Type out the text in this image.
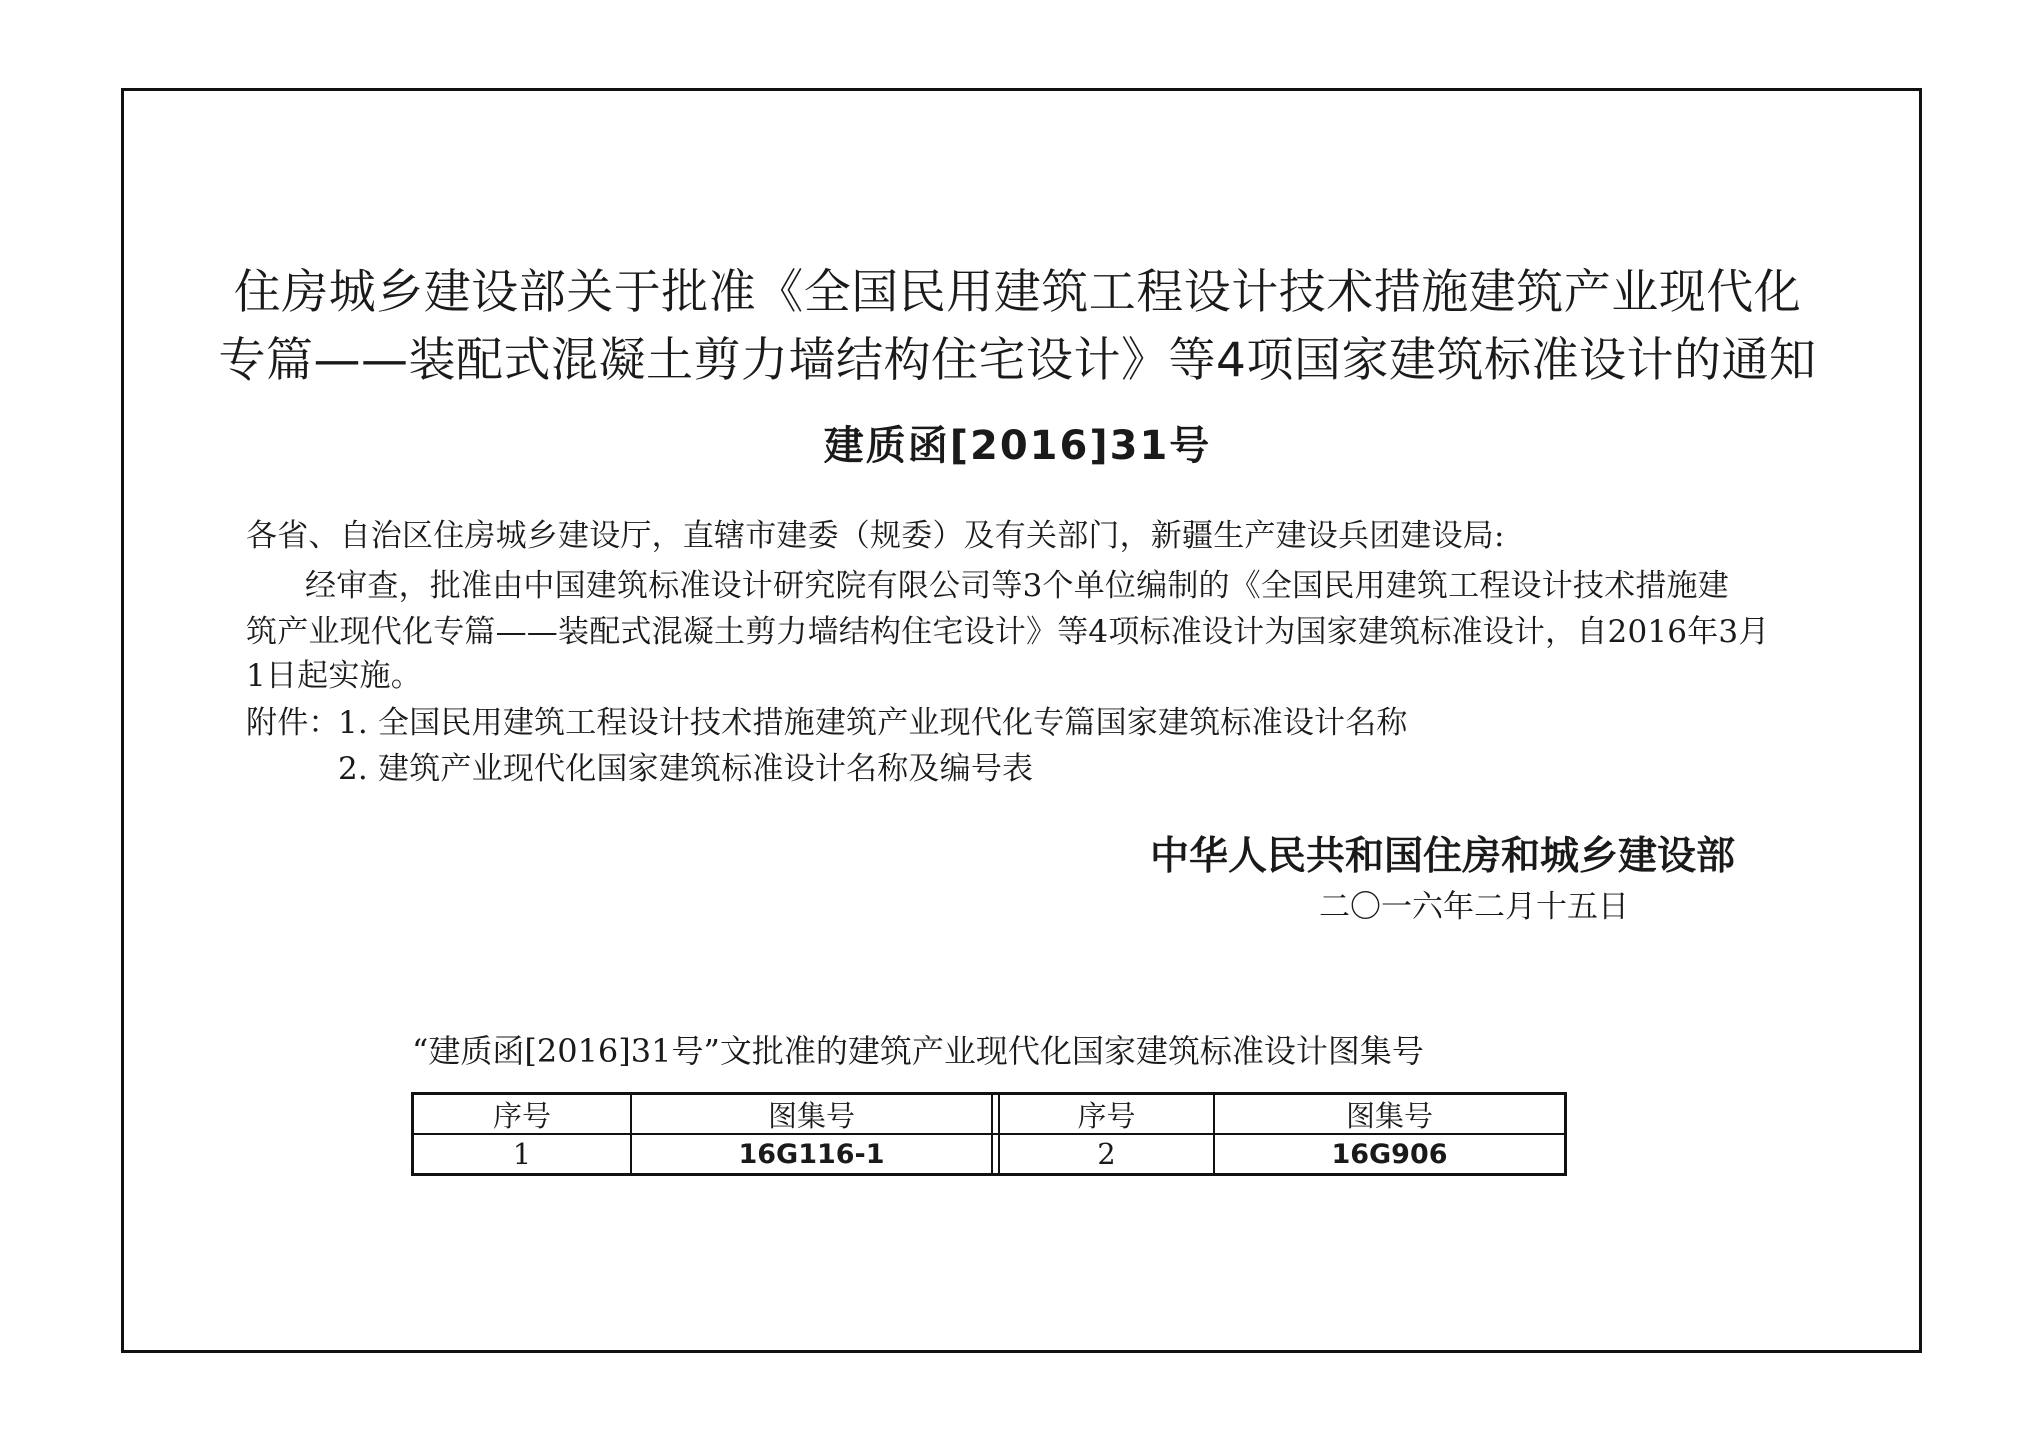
住房城乡建设部关于批准《全国民用建筑工程设计技术措施建筑产业现代化
专篇——装配式混凝土剪力墙结构住宅设计》等4项国家建筑标准设计的通知
建质函[2016]31号
各省、自治区住房城乡建设厅，直辖市建委（规委）及有关部门，新疆生产建设兵团建设局:
经审查，批准由中国建筑标准设计研究院有限公司等3个单位编制的《全国民用建筑工程设计技术措施建
筑产业现代化专篇——装配式混凝土剪力墙结构住宅设计》等4项标准设计为国家建筑标准设计，自2016年3月
1日起实施。
附件：
1. 全国民用建筑工程设计技术措施建筑产业现代化专篇国家建筑标准设计名称
2. 建筑产业现代化国家建筑标准设计名称及编号表
中华人民共和国住房和城乡建设部
二〇一六年二月十五日
“建质函[2016]31号”文批准的建筑产业现代化国家建筑标准设计图集号
序号	图集号	序号	图集号
1	16G116-1	2	16G906
